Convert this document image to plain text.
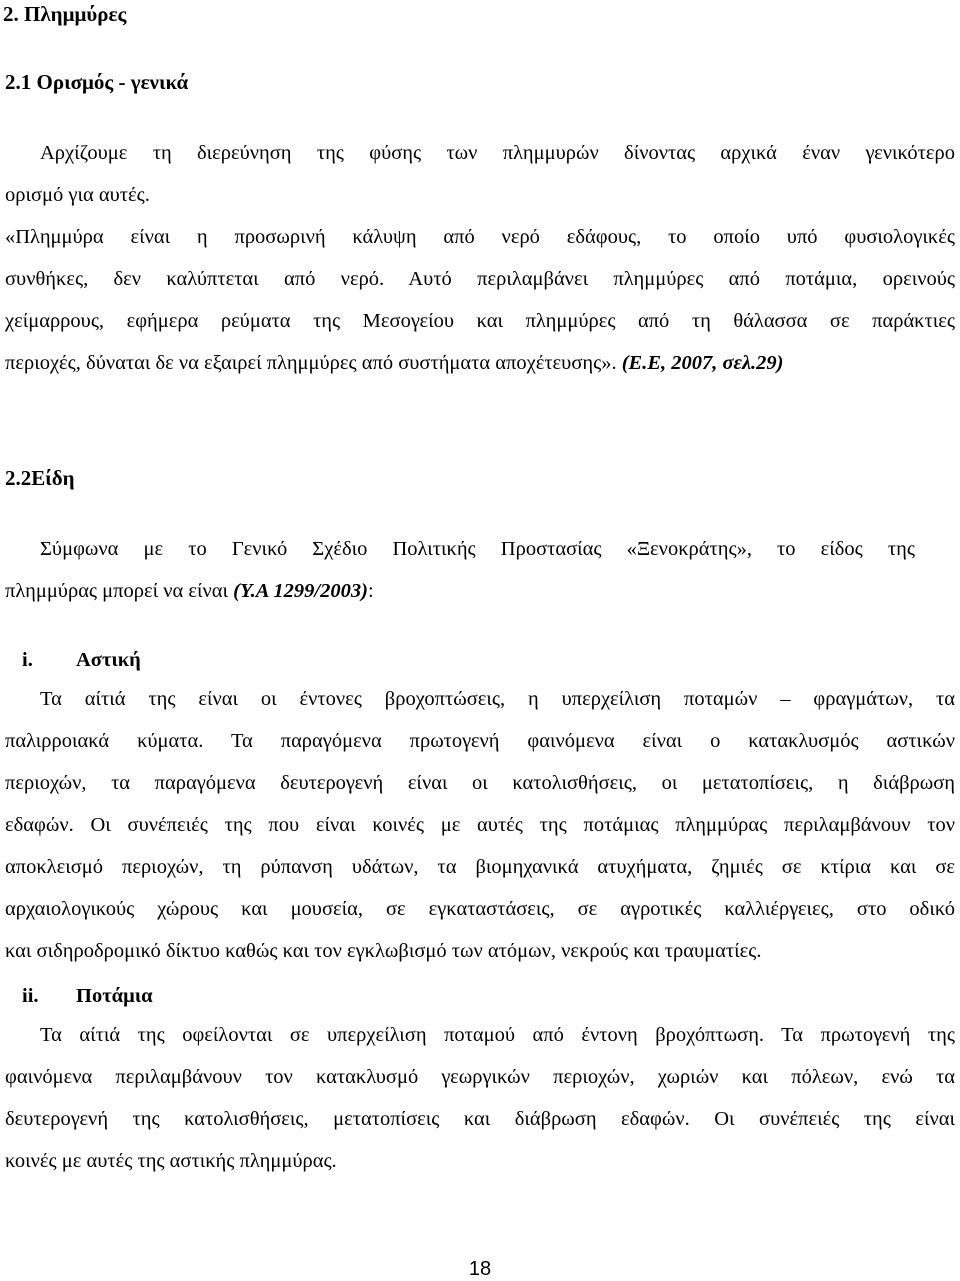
2. Πλημμύρες
2.1 Ορισμός - γενικά
Αρχίζουμε τη διερεύνηση της φύσης των πλημμυρών δίνοντας αρχικά έναν γενικότερο
ορισμό για αυτές.
«Πλημμύρα είναι η προσωρινή κάλυψη από νερό εδάφους, το οποίο υπό φυσιολογικές
συνθήκες, δεν καλύπτεται από νερό. Αυτό περιλαμβάνει πλημμύρες από ποτάμια, ορεινούς
χείμαρρους, εφήμερα ρεύματα της Μεσογείου και πλημμύρες από τη θάλασσα σε παράκτιες
περιοχές, δύναται δε να εξαιρεί πλημμύρες από συστήματα αποχέτευσης». (Ε.Ε, 2007, σελ.29)
2.2Είδη
Σύμφωνα με το Γενικό Σχέδιο Πολιτικής Προστασίας «Ξενοκράτης», το είδος της
πλημμύρας μπορεί να είναι (Υ.Α 1299/2003):
i. Αστική
Τα αίτιά της είναι οι έντονες βροχοπτώσεις, η υπερχείλιση ποταμών – φραγμάτων, τα
παλιρροιακά κύματα. Τα παραγόμενα πρωτογενή φαινόμενα είναι ο κατακλυσμός αστικών
περιοχών, τα παραγόμενα δευτερογενή είναι οι κατολισθήσεις, οι μετατοπίσεις, η διάβρωση
εδαφών. Οι συνέπειές της που είναι κοινές με αυτές της ποτάμιας πλημμύρας περιλαμβάνουν τον
αποκλεισμό περιοχών, τη ρύπανση υδάτων, τα βιομηχανικά ατυχήματα, ζημιές σε κτίρια και σε
αρχαιολογικούς χώρους και μουσεία, σε εγκαταστάσεις, σε αγροτικές καλλιέργειες, στο οδικό
και σιδηροδρομικό δίκτυο καθώς και τον εγκλωβισμό των ατόμων, νεκρούς και τραυματίες.
ii. Ποτάμια
Τα αίτιά της οφείλονται σε υπερχείλιση ποταμού από έντονη βροχόπτωση. Τα πρωτογενή της
φαινόμενα περιλαμβάνουν τον κατακλυσμό γεωργικών περιοχών, χωριών και πόλεων, ενώ τα
δευτερογενή της κατολισθήσεις, μετατοπίσεις και διάβρωση εδαφών. Οι συνέπειές της είναι
κοινές με αυτές της αστικής πλημμύρας.
18
